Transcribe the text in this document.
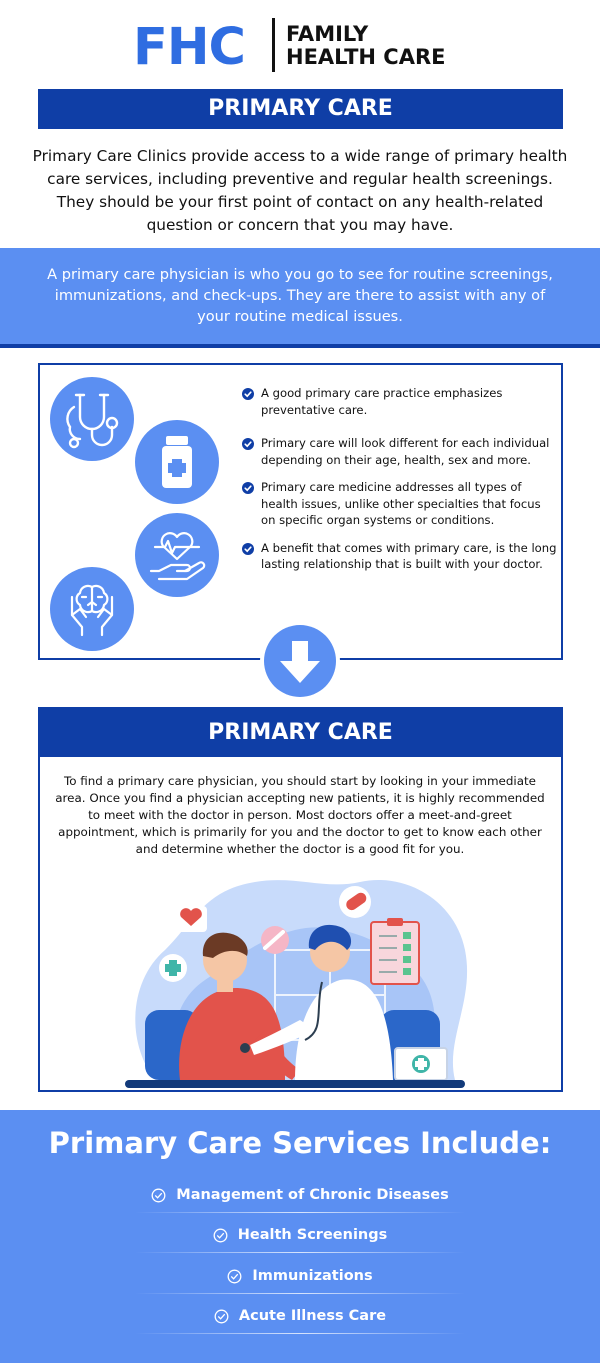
FHC FAMILY
HEALTH CARE
PRIMARY CARE

Primary Care Clinics provide access to a wide range of primary health care services, including preventive and regular health screenings. They should be your first point of contact on any health-related question or concern that you may have.

A primary care physician is who you go to see for routine screenings, immunizations, and check-ups. They are there to assist with any of your routine medical issues.

A good primary care practice emphasizes preventative care.
Primary care will look different for each individual depending on their age, health, sex and more.
Primary care medicine addresses all types of health issues, unlike other specialties that focus on specific organ systems or conditions.
A benefit that comes with primary care, is the long lasting relationship that is built with your doctor.
PRIMARY CARE

To find a primary care physician, you should start by looking in your immediate area. Once you find a physician accepting new patients, it is highly recommended to meet with the doctor in person. Most doctors offer a meet-and-greet appointment, which is primarily for you and the doctor to get to know each other and determine whether the doctor is a good fit for you.

Primary Care Services Include:
Management of Chronic Diseases
Health Screenings
Immunizations
Acute Illness Care
